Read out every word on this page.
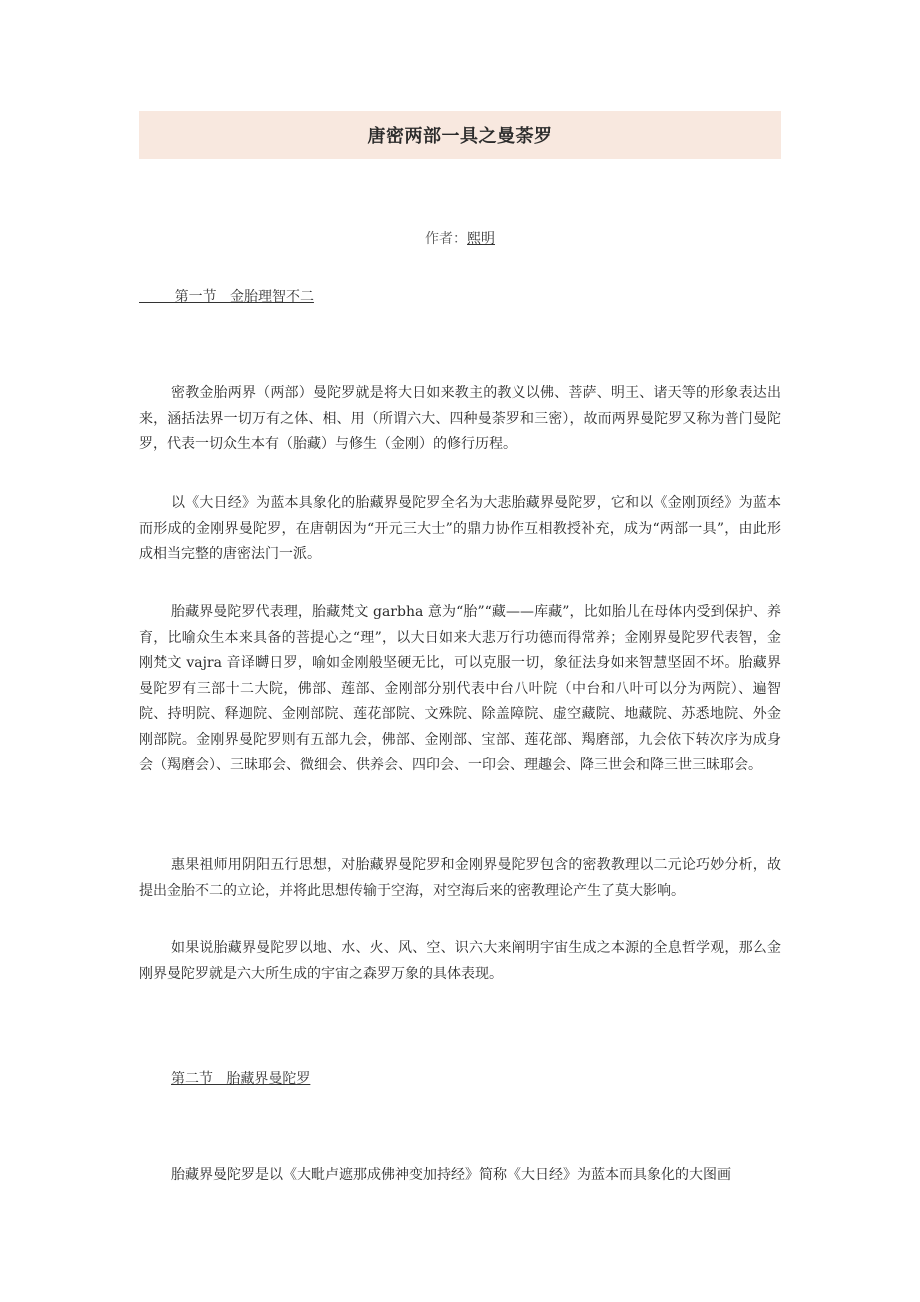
唐密两部一具之曼荼罗
作者：熙明
第一节   金胎理智不二

密教金胎两界（两部）曼陀罗就是将大日如来教主的教义以佛、菩萨、明王、诸天等的形象表达出来，涵括法界一切万有之体、相、用（所谓六大、四种曼荼罗和三密），故而两界曼陀罗又称为普门曼陀罗，代表一切众生本有（胎藏）与修生（金刚）的修行历程。

以《大日经》为蓝本具象化的胎藏界曼陀罗全名为大悲胎藏界曼陀罗，它和以《金刚顶经》为蓝本而形成的金刚界曼陀罗，在唐朝因为“开元三大士”的鼎力协作互相教授补充，成为“两部一具”，由此形成相当完整的唐密法门一派。

胎藏界曼陀罗代表理，胎藏梵文 garbha 意为“胎”“藏——库藏”，比如胎儿在母体内受到保护、养育，比喻众生本来具备的菩提心之“理”，以大日如来大悲万行功德而得常养；金刚界曼陀罗代表智，金刚梵文 vajra 音译嚩日罗，喻如金刚般坚硬无比，可以克服一切，象征法身如来智慧坚固不坏。胎藏界曼陀罗有三部十二大院，佛部、莲部、金刚部分别代表中台八叶院（中台和八叶可以分为两院）、遍智院、持明院、释迦院、金刚部院、莲花部院、文殊院、除盖障院、虚空藏院、地藏院、苏悉地院、外金刚部院。金刚界曼陀罗则有五部九会，佛部、金刚部、宝部、莲花部、羯磨部，九会依下转次序为成身会（羯磨会）、三昧耶会、微细会、供养会、四印会、一印会、理趣会、降三世会和降三世三昧耶会。

惠果祖师用阴阳五行思想，对胎藏界曼陀罗和金刚界曼陀罗包含的密教教理以二元论巧妙分析，故提出金胎不二的立论，并将此思想传输于空海，对空海后来的密教理论产生了莫大影响。

如果说胎藏界曼陀罗以地、水、火、风、空、识六大来阐明宇宙生成之本源的全息哲学观，那么金刚界曼陀罗就是六大所生成的宇宙之森罗万象的具体表现。

第二节   胎藏界曼陀罗

胎藏界曼陀罗是以《大毗卢遮那成佛神变加持经》简称《大日经》为蓝本而具象化的大图画
